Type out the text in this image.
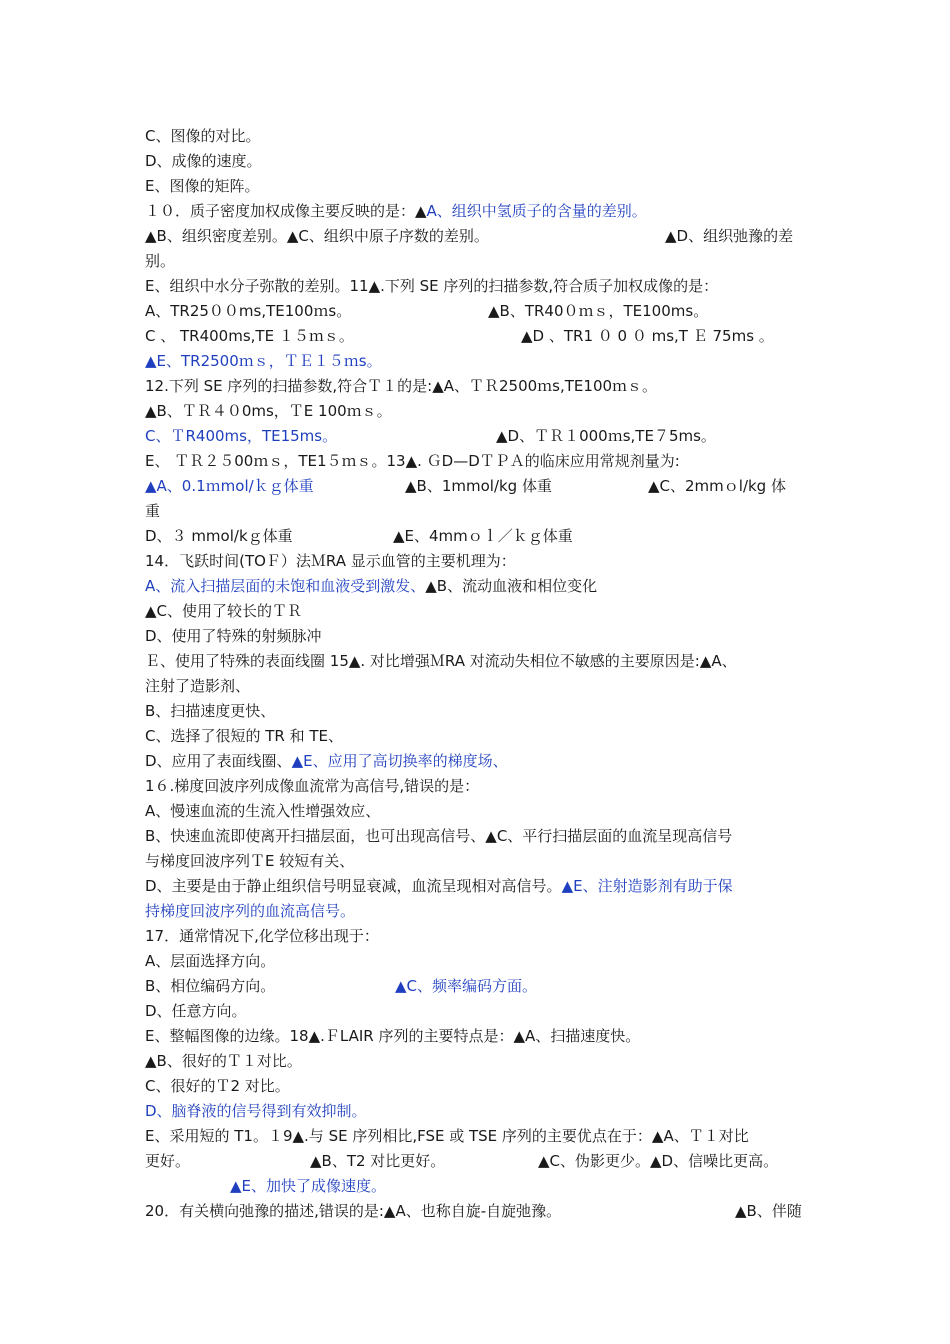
C、图像的对比。
D、成像的速度。
E、图像的矩阵。
１０．质子密度加权成像主要反映的是：▲A、组织中氢质子的含量的差别。
▲B、组织密度差别。▲C、组织中原子序数的差别。	▲D、组织弛豫的差
别。
E、组织中水分子弥散的差别。11▲.下列 SE 序列的扫描参数,符合质子加权成像的是：
A、TR25００ms,TE100ｍs。	▲B、TR40０ｍｓ，TE100ms。
C 、 TR400ms,TE １５ｍｓ。	▲D 、TR1 ０ 0 ０ ms,T Ｅ 75ms 。
▲E、TR2500ｍｓ，ＴＥ１５ｍs。
12.下列 SE 序列的扫描参数,符合Ｔ１的是:▲A、ＴＲ2500ｍs,TE100ｍｓ。
▲B、ＴＲ４０0ms，ＴE 100ｍｓ。
C、ＴR400ms，TE15ms。	▲D、ＴＲ１000ｍs,TE７5ms。
E、 ＴＲ２５00ｍｓ，TE1５ｍｓ。13▲. ＧD—DＴＰＡ的临床应用常规剂量为:
▲A、0.1ｍmol/ｋｇ体重	▲B、1mmol/kg 体重	▲C、2mmｏl/kg 体
重
D、３ mmol/kｇ体重	▲E、4mmｏｌ／ｋｇ体重
14．飞跃时间(TOＦ）法ＭRA 显示血管的主要机理为：
A、流入扫描层面的未饱和血液受到激发、▲B、流动血液和相位变化
▲C、使用了较长的ＴＲ
D、使用了特殊的射频脉冲
Ｅ、使用了特殊的表面线圈 15▲. 对比增强ＭRA 对流动失相位不敏感的主要原因是:▲A、
注射了造影剂、
B、扫描速度更快、
C、选择了很短的 TR 和 TE、
D、应用了表面线圈、▲E、应用了高切换率的梯度场、
1６.梯度回波序列成像血流常为高信号,错误的是：
A、慢速血流的生流入性增强效应、
B、快速血流即使离开扫描层面，也可出现高信号、▲C、平行扫描层面的血流呈现高信号
与梯度回波序列ＴE 较短有关、
D、主要是由于静止组织信号明显衰减，血流呈现相对高信号。▲E、注射造影剂有助于保
持梯度回波序列的血流高信号。
17．通常情况下,化学位移出现于：
A、层面选择方向。
B、相位编码方向。	▲C、频率编码方面。
D、任意方向。
E、整幅图像的边缘。18▲.ＦLAIR 序列的主要特点是：▲A、扫描速度快。
▲B、很好的Ｔ１对比。
C、很好的Ｔ2 对比。
D、脑脊液的信号得到有效抑制。
E、采用短的 T1。１9▲.与 SE 序列相比,FSE 或 TSE 序列的主要优点在于：▲A、Ｔ１对比
更好。	▲B、T2 对比更好。	▲C、伪影更少。▲D、信噪比更高。
▲E、加快了成像速度。
20．有关横向弛豫的描述,错误的是:▲A、也称自旋-自旋弛豫。	▲B、伴随
